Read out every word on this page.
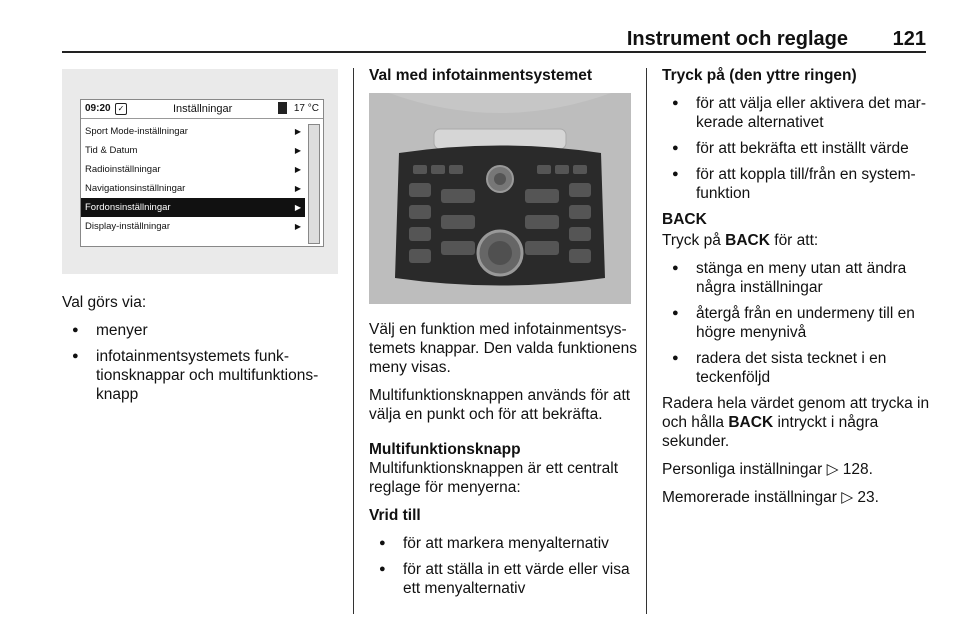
Instrument och reglage 121
09:20 ✓	Inställningar	17 °C
Sport Mode-inställningar	▶
Tid & Datum	▶
Radioinställningar	▶
Navigationsinställningar	▶
Fordonsinställningar	▶
Display-inställningar	▶

Val görs via:

● menyer
● infotainmentsystemets funktionsknappar och multifunktionsknapp

Val med infotainmentsystemet

Välj en funktion med infotainmentsystemets knappar. Den valda funktionens meny visas.

Multifunktionsknappen används för att välja en punkt och för att bekräfta.

Multifunktionsknapp

Multifunktionsknappen är ett centralt reglage för menyerna:

Vrid till

● för att markera menyalternativ
● för att ställa in ett värde eller visa ett menyalternativ

Tryck på (den yttre ringen)

● för att välja eller aktivera det markerade alternativet
● för att bekräfta ett inställt värde
● för att koppla till/från en systemfunktion

BACK

Tryck på BACK för att:

● stänga en meny utan att ändra några inställningar
● återgå från en undermeny till en högre menynivå
● radera det sista tecknet i en teckenföljd

Radera hela värdet genom att trycka in och hålla BACK intryckt i några sekunder.

Personliga inställningar ▷ 128.

Memorerade inställningar ▷ 23.
